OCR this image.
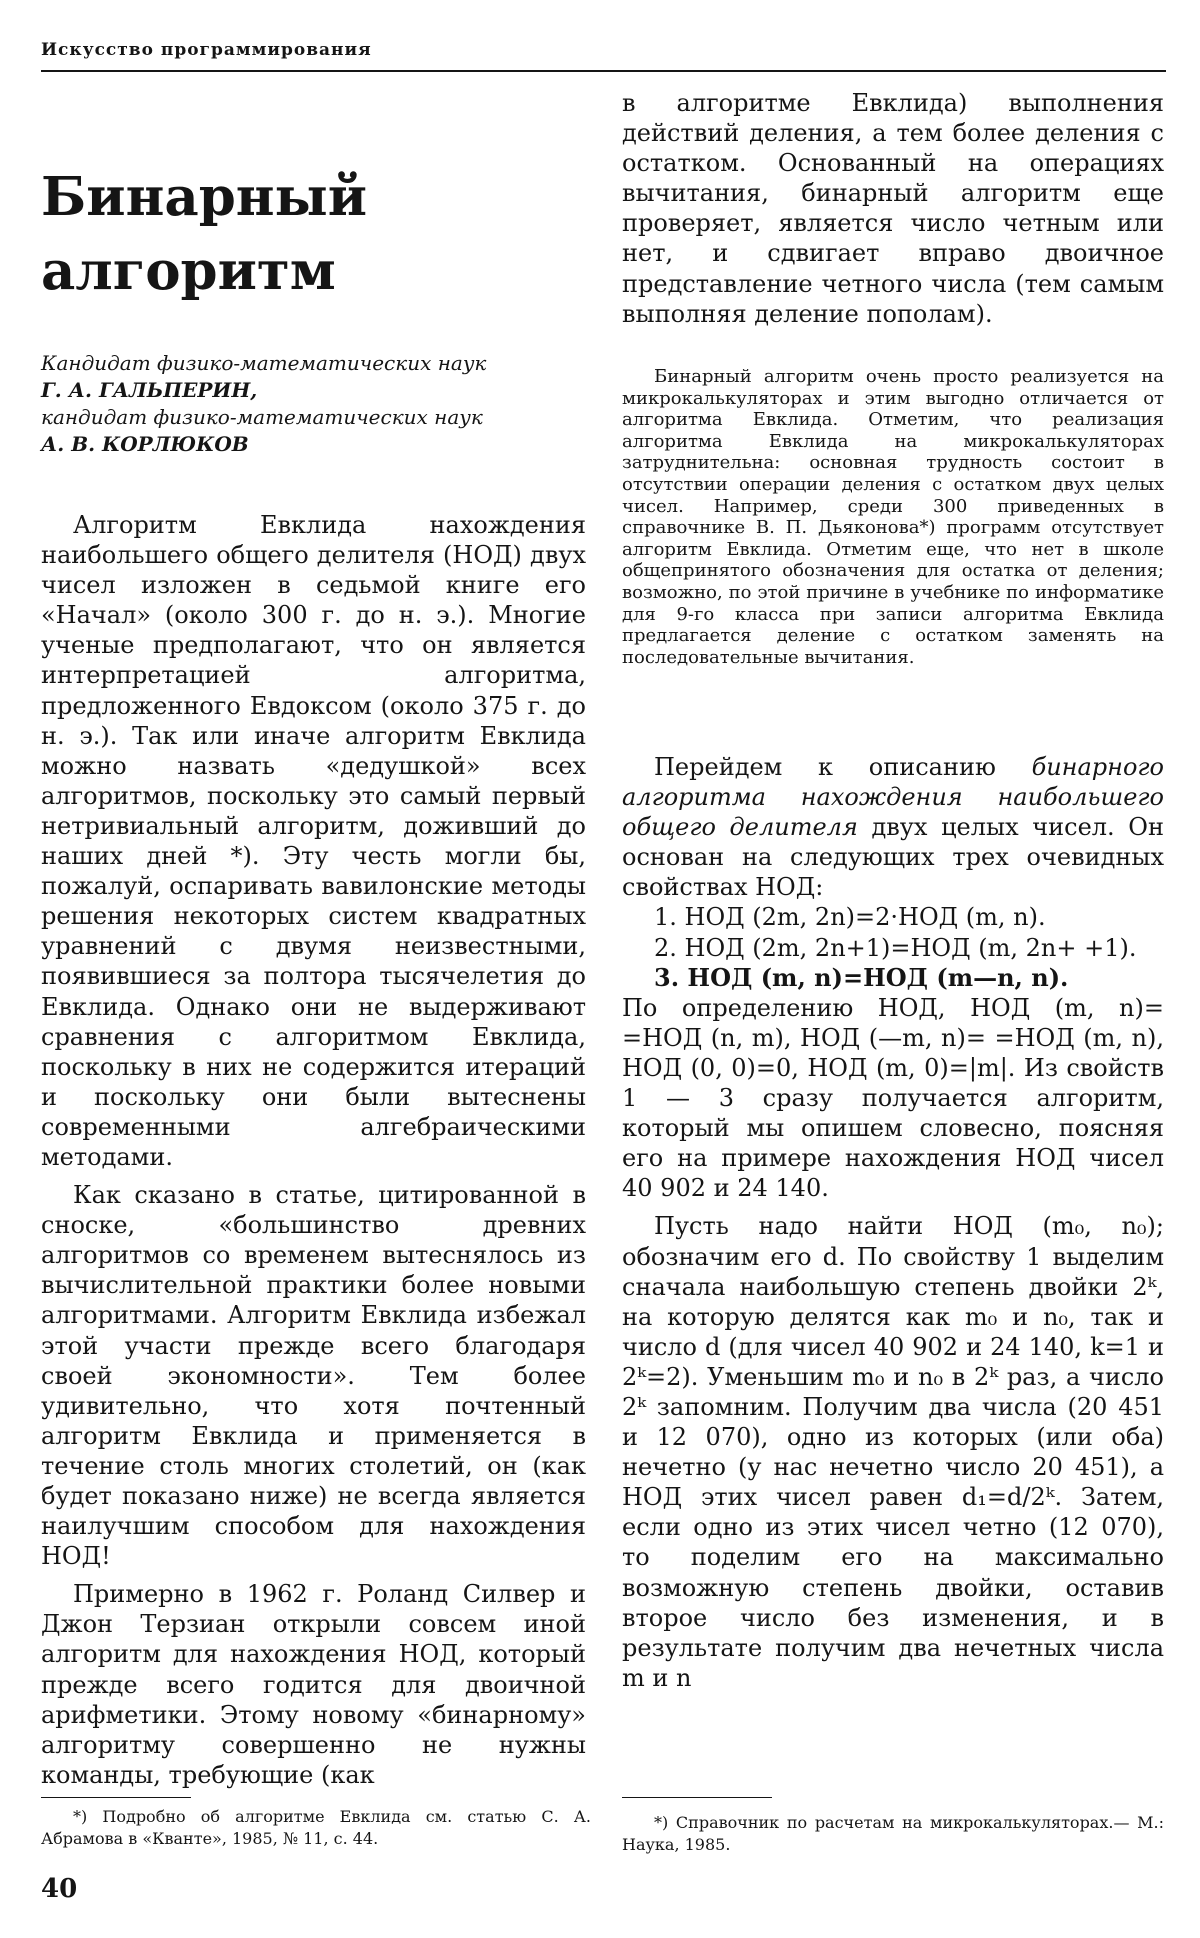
Искусство программирования
Бинарный
алгоритм
Кандидат физико-математических наук
Г. А. ГАЛЬПЕРИН,
кандидат физико-математических наук
А. В. КОРЛЮКОВ

Алгоритм Евклида нахождения наибольшего общего делителя (НОД) двух чисел изложен в седьмой книге его «Начал» (около 300 г. до н. э.). Многие ученые предполагают, что он является интерпретацией алгоритма, предложенного Евдоксом (около 375 г. до н. э.). Так или иначе алгоритм Евклида можно назвать «дедушкой» всех алгоритмов, поскольку это самый первый нетривиальный алгоритм, доживший до наших дней *). Эту честь могли бы, пожалуй, оспаривать вавилонские методы решения некоторых систем квадратных уравнений с двумя неизвестными, появившиеся за полтора тысячелетия до Евклида. Однако они не выдерживают сравнения с алгоритмом Евклида, поскольку в них не содержится итераций и поскольку они были вытеснены современными алгебраическими методами.

Как сказано в статье, цитированной в сноске, «большинство древних алгоритмов со временем вытеснялось из вычислительной практики более новыми алгоритмами. Алгоритм Евклида избежал этой участи прежде всего благодаря своей экономности». Тем более удивительно, что хотя почтенный алгоритм Евклида и применяется в течение столь многих столетий, он (как будет показано ниже) не всегда является наилучшим способом для нахождения НОД!

Примерно в 1962 г. Роланд Силвер и Джон Терзиан открыли совсем иной алгоритм для нахождения НОД, который прежде всего годится для двоичной арифметики. Этому новому «бинарному» алгоритму совершенно не нужны команды, требующие (как

в алгоритме Евклида) выполнения действий деления, а тем более деления с остатком. Основанный на операциях вычитания, бинарный алгоритм еще проверяет, является число четным или нет, и сдвигает вправо двоичное представление четного числа (тем самым выполняя деление пополам).

Бинарный алгоритм очень просто реализуется на микрокалькуляторах и этим выгодно отличается от алгоритма Евклида. Отметим, что реализация алгоритма Евклида на микрокалькуляторах затруднительна: основная трудность состоит в отсутствии операции деления с остатком двух целых чисел. Например, среди 300 приведенных в справочнике В. П. Дьяконова*) программ отсутствует алгоритм Евклида. Отметим еще, что нет в школе общепринятого обозначения для остатка от деления; возможно, по этой причине в учебнике по информатике для 9-го класса при записи алгоритма Евклида предлагается деление с остатком заменять на последовательные вычитания.

Перейдем к описанию бинарного алгоритма нахождения наибольшего общего делителя двух целых чисел. Он основан на следующих трех очевидных свойствах НОД:

1. НОД (2m, 2n)=2·НОД (m, n).
2. НОД (2m, 2n+1)=НОД (m, 2n+ +1).
3. НОД (m, n)=НОД (m—n, n).

По определению НОД, НОД (m, n)= =НОД (n, m), НОД (—m, n)= =НОД (m, n), НОД (0, 0)=0, НОД (m, 0)=|m|. Из свойств 1 — 3 сразу получается алгоритм, который мы опишем словесно, поясняя его на примере нахождения НОД чисел 40 902 и 24 140.

Пусть надо найти НОД (m₀, n₀); обозначим его d. По свойству 1 выделим сначала наибольшую степень двойки 2ᵏ, на которую делятся как m₀ и n₀, так и число d (для чисел 40 902 и 24 140, k=1 и 2ᵏ=2). Уменьшим m₀ и n₀ в 2ᵏ раз, а число 2ᵏ запомним. Получим два числа (20 451 и 12 070), одно из которых (или оба) нечетно (у нас нечетно число 20 451), а НОД этих чисел равен d₁=d/2ᵏ. Затем, если одно из этих чисел четно (12 070), то поделим его на максимально возможную степень двойки, оставив второе число без изменения, и в результате получим два нечетных числа m и n

*) Подробно об алгоритме Евклида см. статью С. А. Абрамова в «Кванте», 1985, № 11, с. 44.

*) Справочник по расчетам на микрокалькуляторах.— М.: Наука, 1985.

40
